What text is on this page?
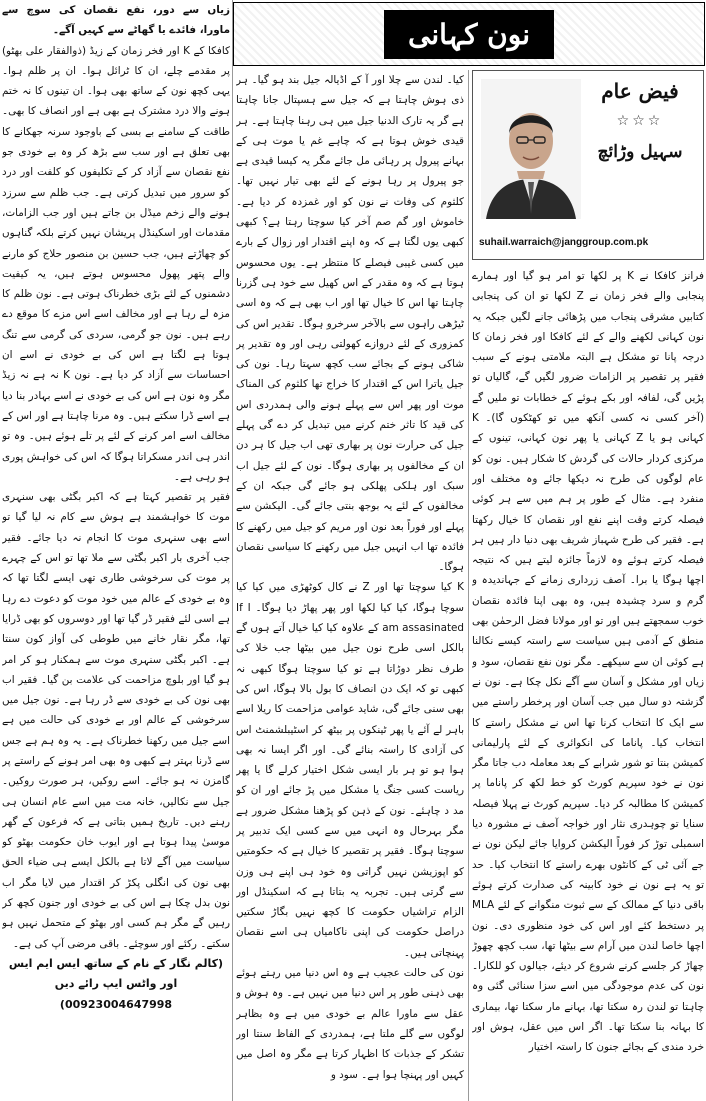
نون کہانی
فیض عام
☆☆☆
سہیل وڑائچ
suhail.warraich@janggroup.com.pk

فرانز کافکا نے K پر لکھا تو امر ہو گیا اور ہمارے پنجابی والے فخر زمان نے Z لکھا تو ان کی پنجابی کتابیں مشرقی پنجاب میں پڑھائی جانے لگیں جبکہ یہ نون کہانی لکھنے والے کے لئے کافکا اور فخر زمان کا درجہ پانا تو مشکل ہے البتہ ملامتی ہونے کے سبب فقیر پر تقصیر پر الزامات ضرور لگیں گے، گالیاں تو پڑیں گی، لفافہ اور بکے ہوئے کے خطابات تو ملیں گے (آخر کسی نہ کسی آنکھ میں تو کھٹکوں گا)۔ K کہانی ہو یا Z کہانی یا پھر نون کہانی، تینوں کے مرکزی کردار حالات کی گردش کا شکار ہیں۔ نون کو عام لوگوں کی طرح نہ دیکھا جائے وہ مختلف اور منفرد ہے۔ مثال کے طور پر ہم میں سے ہر کوئی فیصلہ کرتے وقت اپنے نفع اور نقصان کا خیال رکھتا ہے۔ فقیر کی طرح شہباز شریف بھی دنیا دار ہیں ہر فیصلہ کرتے ہوئے وہ لازماً جائزہ لیتے ہیں کہ نتیجہ اچھا ہوگا یا برا۔ آصف زرداری زمانے کے جہاندیدہ و گرم و سرد چشیدہ ہیں، وہ بھی اپنا فائدہ نقصان خوب سمجھتے ہیں اور تو اور مولانا فضل الرحمٰن بھی منطق کے آدمی ہیں سیاست سے راستہ کیسے نکالنا ہے کوئی ان سے سیکھے۔ مگر نون نفع نقصان، سود و زیاں اور مشکل و آسان سے آگے نکل چکا ہے۔ نون نے گزشتہ دو سال میں جب آسان اور پرخطر راستے میں سے ایک کا انتخاب کرنا تھا اس نے مشکل راستے کا انتخاب کیا۔ پاناما کی انکوائری کے لئے پارلیمانی کمیشن بنتا تو شور شرابے کے بعد معاملہ دب جاتا مگر نون نے خود سپریم کورٹ کو خط لکھ کر پاناما پر کمیشن کا مطالبہ کر دیا۔ سپریم کورٹ نے پہلا فیصلہ سنایا تو چوہدری نثار اور خواجہ آصف نے مشورہ دیا اسمبلی توڑ کر فوراً الیکشن کروایا جائے لیکن نون نے جے آئی ٹی کے کانٹوں بھرے راستے کا انتخاب کیا۔ حد تو یہ ہے نون نے خود کابینہ کی صدارت کرتے ہوئے باقی دنیا کے ممالک کے سے ثبوت منگوانے کے لئے MLA پر دستخط کئے اور اس کی خود منظوری دی۔ نون اچھا خاصا لندن میں آرام سے بیٹھا تھا، سب کچھ چھوڑ چھاڑ کر جلسے کرنے شروع کر دیئے، جیالوں کو للکارا۔ نون کی عدم موجودگی میں اسے سزا سنائی گئی وہ چاہتا تو لندن رہ سکتا تھا، بہانے مار سکتا تھا، بیماری کا بہانہ بنا سکتا تھا۔ اگر اس میں عقل، ہوش اور خرد مندی کے بجائے جنون کا راستہ اختیار

کیا۔ لندن سے چلا اور آ کے اڈیالہ جیل بند ہو گیا۔ ہر ذی ہوش چاہتا ہے کہ جیل سے ہسپتال جانا چاہتا ہے گر یہ تارک الدنیا جیل میں ہی رہنا چاہتا ہے۔ ہر قیدی خوش ہوتا ہے کہ چاہے غم یا موت ہی کے بہانے پیرول پر رہائی مل جائے مگر یہ کیسا قیدی ہے جو پیرول پر رہا ہونے کے لئے بھی تیار نہیں تھا۔ کلثوم کی وفات نے نون کو اور غمزدہ کر دیا ہے۔ خاموش اور گم صم آخر کیا سوچتا رہتا ہے؟ کبھی کبھی یوں لگتا ہے کہ وہ اپنے اقتدار اور زوال کے بارے میں کسی غیبی فیصلے کا منتظر ہے۔ یوں محسوس ہوتا ہے کہ وہ مقدر کے اس کھیل سے خود ہی گزرنا چاہتا تھا اس کا خیال تھا اور اب بھی ہے کہ وہ اسی ٹیڑھی راہوں سے بالآخر سرخرو ہوگا۔ تقدیر اس کی کمزوری کے لئے دروازے کھولتی رہی اور وہ تقدیر پر شاکی ہونے کے بجائے سب کچھ سہتا رہا۔ نون کی جیل یاترا اس کے اقتدار کا خراج تھا کلثوم کی المناک موت اور پھر اس سے پہلے ہونے والی ہمدردی اس کی قید کا تاثر ختم کرنے میں تبدیل کر دے گی پہلے جیل کی حرارت نون پر بھاری تھی اب جیل کا ہر دن ان کے مخالفوں پر بھاری ہوگا۔ نون کے لئے جیل اب سبک اور ہلکی پھلکی ہو جائے گی جبکہ ان کے مخالفوں کے لئے یہ بوجھ بنتی جائے گی۔ الیکشن سے پہلے اور فوراً بعد نون اور مریم کو جیل میں رکھنے کا فائدہ تھا اب انہیں جیل میں رکھنے کا سیاسی نقصان ہوگا۔

K کیا سوچتا تھا اور Z نے کال کوٹھڑی میں کیا کیا سوچا ہوگا، کیا کیا لکھا اور پھر پھاڑ دیا ہوگا۔ If I am assasinated کے علاوہ کیا کیا خیال آتے ہوں گے بالکل اسی طرح نون جیل میں بیٹھا جب خلا کی طرف نظر دوڑاتا ہے تو کیا سوچتا ہوگا کبھی نہ کبھی تو کہ ایک دن انصاف کا بول بالا ہوگا، اس کی بھی سنی جائے گی، شاید عوامی مزاحمت کا ریلا اسے باہر لے آئے یا پھر ٹینکوں پر بیٹھ کر اسٹیبلشمنٹ اس کی آزادی کا راستہ بنائے گی۔ اور اگر ایسا نہ بھی ہوا ہو تو ہر بار ایسی شکل اختیار کرلے گا یا پھر ریاست کسی جنگ یا مشکل میں پڑ جائے اور ان کو مد د چاہئے۔ نون کے ذہن کو پڑھنا مشکل ضرور ہے مگر بہرحال وہ انہی میں سے کسی ایک تدبیر پر سوچتا ہوگا۔ فقیر پر تقصیر کا خیال ہے کہ حکومتیں کو اپوزیشن نہیں گراتی وہ خود ہی اپنے ہی وزن سے گرتی ہیں۔ تجربہ یہ بتاتا ہے کہ اسکینڈل اور الزام تراشیاں حکومت کا کچھ نہیں بگاڑ سکتیں دراصل حکومت کی اپنی ناکامیاں ہی اسے نقصان پہنچاتی ہیں۔

نون کی حالت عجیب ہے وہ اس دنیا میں رہتے ہوئے بھی ذہنی طور پر اس دنیا میں نہیں ہے۔ وہ ہوش و عقل سے ماورا عالم بے خودی میں ہے وہ بظاہر لوگوں سے گلے ملتا ہے، ہمدردی کے الفاظ سنتا اور تشکر کے جذبات کا اظہار کرتا ہے مگر وہ اصل میں کہیں اور پہنچا ہوا ہے۔ سود و

زیاں سے دور، نفع نقصان کی سوچ سے ماورا، فائدے یا گھاٹے سے کہیں آگے۔

کافکا کے K اور فخر زمان کے زیڈ (ذوالفقار علی بھٹو) پر مقدمے چلے، ان کا ٹرائل ہوا۔ ان پر ظلم ہوا۔ یہی کچھ نون کے ساتھ بھی ہوا۔ ان تینوں کا نہ ختم ہونے والا درد مشترک ہے بھی ہے اور انصاف کا بھی۔ طاقت کے سامنے بے بسی کے باوجود سرنہ جھکانے کا بھی تعلق ہے اور سب سے بڑھ کر وہ بے خودی جو نفع نقصان سے آزاد کر کے تکلیفوں کو کلفت اور درد کو سرور میں تبدیل کرتی ہے۔ جب ظلم سے سرزد ہونے والے زخم میڈل بن جاتے ہیں اور جب الزامات، مقدمات اور اسکینڈل پریشان نہیں کرتے بلکہ گناہوں کو چھاڑتے ہیں، جب حسین بن منصور حلاج کو مارنے والے پتھر پھول محسوس ہوتے ہیں، یہ کیفیت دشمنوں کے لئے بڑی خطرناک ہوتی ہے۔ نون ظلم کا مزہ لے رہا ہے اور مخالف اسے اس مزے کا موقع دے رہے ہیں۔ نون جو گرمی، سردی کی گرمی سے تنگ ہوتا ہے لگتا ہے اس کی بے خودی نے اسے ان احساسات سے آزاد کر دیا ہے۔ نون K نہ ہے نہ زیڈ مگر وہ نون ہے اس کی بے خودی نے اسے بہادر بنا دیا ہے اسے ڈرا سکتے ہیں۔ وہ مرنا چاہتا ہے اور اس کے مخالف اسے امر کرنے کے لئے پر تلے ہوئے ہیں۔ وہ تو اندر ہی اندر مسکراتا ہوگا کہ اس کی خواہش پوری ہو رہی ہے۔

فقیر پر تقصیر کہتا ہے کہ اکبر بگٹی بھی سنہری موت کا خواہشمند ہے ہوش سے کام نہ لیا گیا تو اسے بھی سنہری موت کا انجام نہ دیا جائے۔ فقیر جب آخری بار اکبر بگٹی سے ملا تھا تو اس کے چہرے پر موت کی سرخوشی طاری تھی ایسے لگتا تھا کہ وہ بے خودی کے عالم میں خود موت کو دعوت دے رہا ہے اسی لئے فقیر ڈر گیا تھا اور دوسروں کو بھی ڈرایا تھا، مگر نقار خانے میں طوطی کی آواز کون سنتا ہے۔ اکبر بگٹی سنہری موت سے ہمکنار ہو کر امر ہو گیا اور بلوچ مزاحمت کی علامت بن گیا۔ فقیر اب بھی نون کی بے خودی سے ڈر رہا ہے۔ نون جیل میں سرخوشی کے عالم اور بے خودی کی حالت میں ہے اسے جیل میں رکھنا خطرناک ہے۔ یہ وہ ہم ہے جس سے ڈرنا بہتر ہے کبھی وہ بھی امر ہونے کے راستے پر گامزن نہ ہو جائے۔ اسے روکیں، ہر صورت روکیں۔ جیل سے نکالیں، خانہ مت میں اسے عام انسان ہی رہنے دیں۔ تاریخ ہمیں بتاتی ہے کہ فرعون کے گھر موسیٰ پیدا ہوتا ہے اور ایوب خان حکومت بھٹو کو سیاست میں آگے لاتا ہے بالکل ایسے ہی ضیاء الحق بھی نون کی انگلی پکڑ کر اقتدار میں لایا مگر اب نون بدل چکا ہے اس کی بے خودی اور جنون کچھ کر رہیں گے مگر ہم کسی اور بھٹو کے متحمل نہیں ہو سکتے۔ رکئے اور سوچئے۔ باقی مرضی آپ کی ہے۔

(کالم نگار کے نام کے ساتھ ایس ایم ایس اور واٹس ایپ رائے دیں 00923004647998)
